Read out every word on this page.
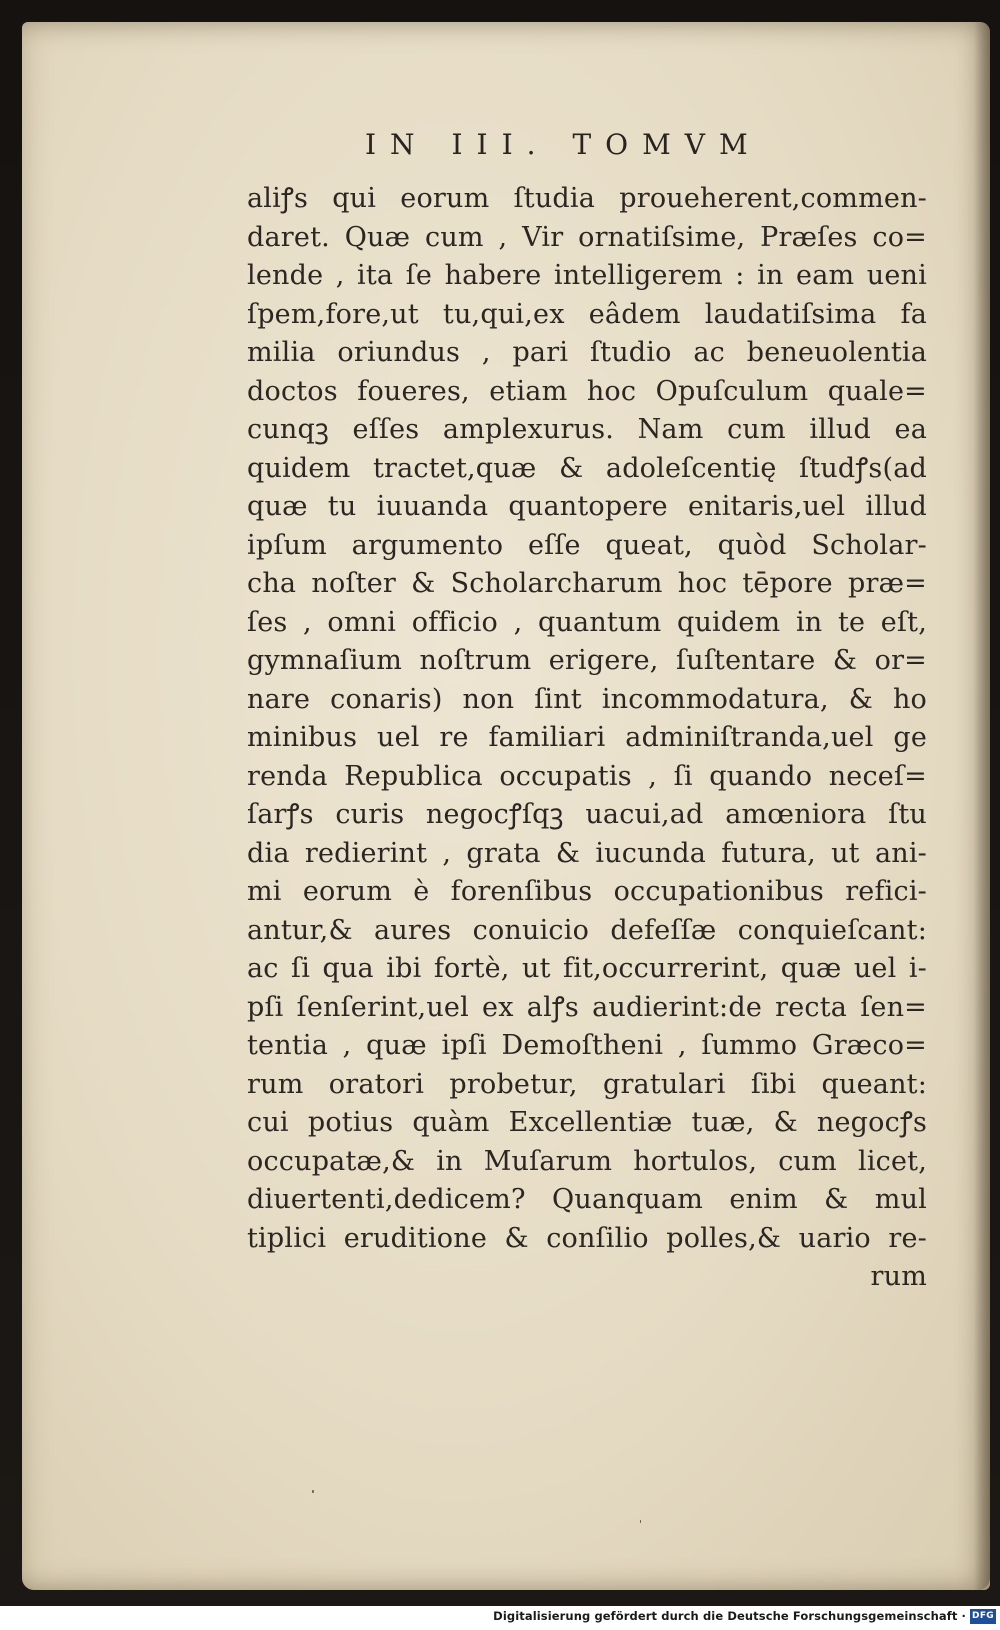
IN III. TOMVM
aliꝭs qui eorum ſtudia proueherent,commen-
daret. Quæ cum , Vir ornatiſsime, Præſes co=
lende , ita ſe habere intelligerem : in eam ueni
ſpem,fore,ut tu,qui,ex eâdem laudatiſsima fa
milia oriundus , pari ſtudio ac beneuolentia
doctos foueres, etiam hoc Opuſculum quale=
cunqꝫ eſſes amplexurus. Nam cum illud ea
quidem tractet,quæ & adoleſcentię ſtudꝭs(ad
quæ tu iuuanda quantopere enitaris,uel illud
ipſum argumento eſſe queat, quòd Scholar-
cha noſter & Scholarcharum hoc tēpore præ=
ſes , omni officio , quantum quidem in te eſt,
gymnaſium noſtrum erigere, ſuſtentare & or=
nare conaris) non ſint incommodatura, & ho
minibus uel re familiari adminiſtranda,uel ge
renda Republica occupatis , ſi quando neceſ=
ſarꝭs curis negocꝭſqꝫ uacui,ad amœniora ſtu
dia redierint , grata & iucunda futura, ut ani-
mi eorum è forenſibus occupationibus refici-
antur,& aures conuicio defeſſæ conquieſcant:
ac ſi qua ibi fortè, ut fit,occurrerint, quæ uel i-
pſi ſenſerint,uel ex alꝭs audierint:de recta ſen=
tentia , quæ ipſi Demoſtheni , ſummo Græco=
rum oratori probetur, gratulari ſibi queant:
cui potius quàm Excellentiæ tuæ, & negocꝭs
occupatæ,& in Muſarum hortulos, cum licet,
diuertenti,dedicem? Quanquam enim & mul
tiplici eruditione & conſilio polles,& uario re-
rum
Digitalisierung gefördert durch die Deutsche Forschungsgemeinschaft · DFG
